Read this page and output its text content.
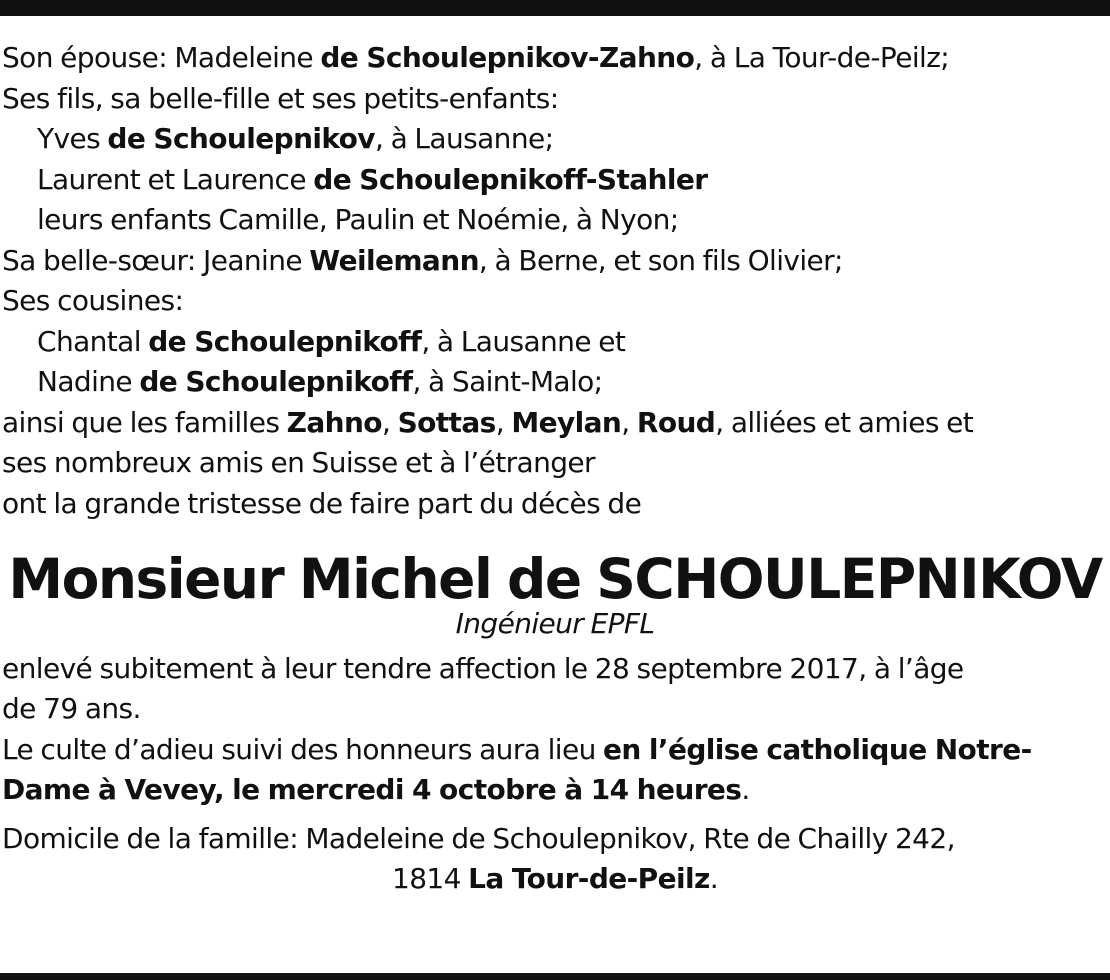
Son épouse: Madeleine de Schoulepnikov-Zahno, à La Tour-de-Peilz;
Ses fils, sa belle-fille et ses petits-enfants:
Yves de Schoulepnikov, à Lausanne;
Laurent et Laurence de Schoulepnikoff-Stahler
leurs enfants Camille, Paulin et Noémie, à Nyon;
Sa belle-sœur: Jeanine Weilemann, à Berne, et son fils Olivier;
Ses cousines:
Chantal de Schoulepnikoff, à Lausanne et
Nadine de Schoulepnikoff, à Saint-Malo;
ainsi que les familles Zahno, Sottas, Meylan, Roud, alliées et amies et
ses nombreux amis en Suisse et à l’étranger
ont la grande tristesse de faire part du décès de
Monsieur Michel de SCHOULEPNIKOV
Ingénieur EPFL
enlevé subitement à leur tendre affection le 28 septembre 2017, à l’âge
de 79 ans.
Le culte d’adieu suivi des honneurs aura lieu en l’église catholique Notre-
Dame à Vevey, le mercredi 4 octobre à 14 heures.
Domicile de la famille: Madeleine de Schoulepnikov, Rte de Chailly 242,
1814 La Tour-de-Peilz.
